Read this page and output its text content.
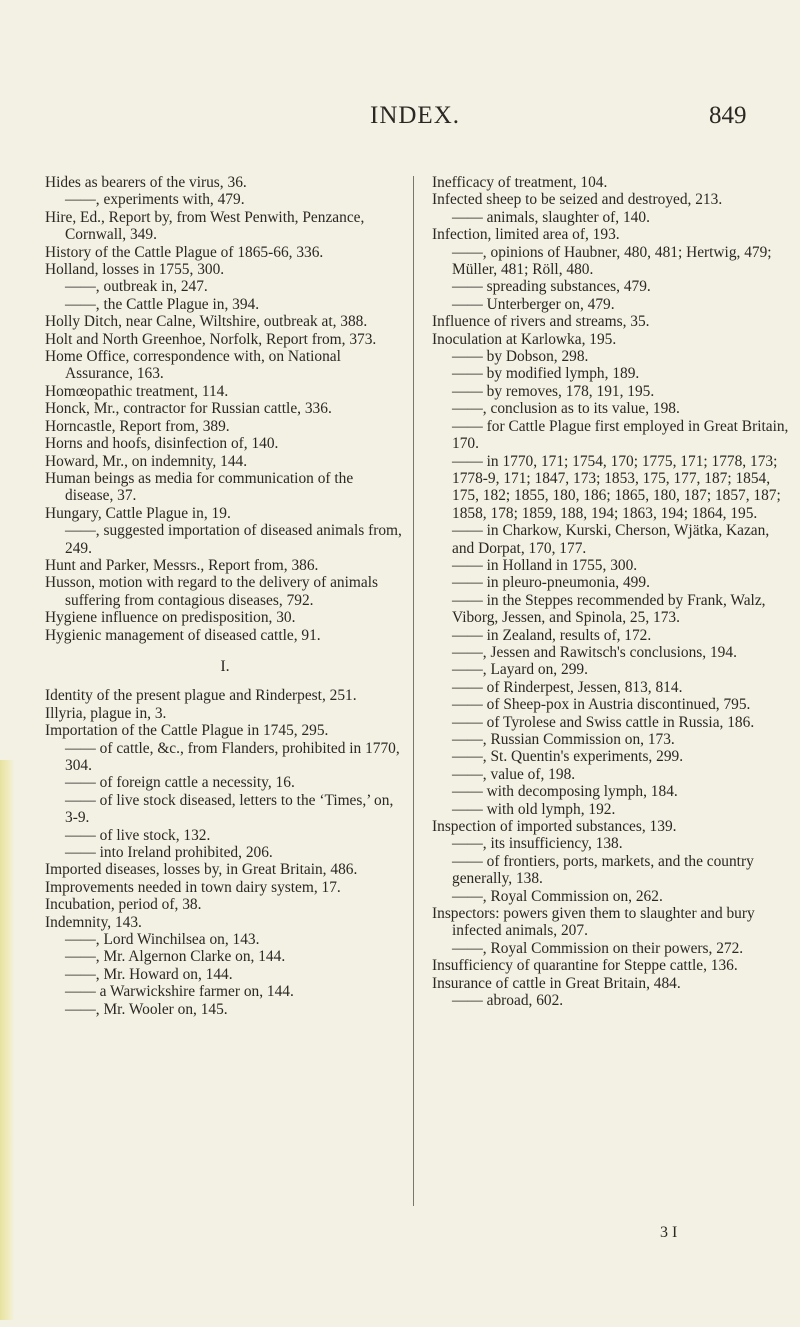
INDEX.	849

Hides as bearers of the virus, 36.

——, experiments with, 479.

Hire, Ed., Report by, from West Penwith, Penzance, Cornwall, 349.

History of the Cattle Plague of 1865-66, 336.

Holland, losses in 1755, 300.

——, outbreak in, 247.

——, the Cattle Plague in, 394.

Holly Ditch, near Calne, Wiltshire, outbreak at, 388.

Holt and North Greenhoe, Norfolk, Report from, 373.

Home Office, correspondence with, on National Assurance, 163.

Homœopathic treatment, 114.

Honck, Mr., contractor for Russian cattle, 336.

Horncastle, Report from, 389.

Horns and hoofs, disinfection of, 140.

Howard, Mr., on indemnity, 144.

Human beings as media for communication of the disease, 37.

Hungary, Cattle Plague in, 19.

——, suggested importation of diseased animals from, 249.

Hunt and Parker, Messrs., Report from, 386.

Husson, motion with regard to the delivery of animals suffering from contagious diseases, 792.

Hygiene influence on predisposition, 30.

Hygienic management of diseased cattle, 91.

I.

Identity of the present plague and Rinderpest, 251.

Illyria, plague in, 3.

Importation of the Cattle Plague in 1745, 295.

—— of cattle, &c., from Flanders, prohibited in 1770, 304.

—— of foreign cattle a necessity, 16.

—— of live stock diseased, letters to the ‘Times,’ on, 3-9.

—— of live stock, 132.

—— into Ireland prohibited, 206.

Imported diseases, losses by, in Great Britain, 486.

Improvements needed in town dairy system, 17.

Incubation, period of, 38.

Indemnity, 143.

——, Lord Winchilsea on, 143.

——, Mr. Algernon Clarke on, 144.

——, Mr. Howard on, 144.

—— a Warwickshire farmer on, 144.

——, Mr. Wooler on, 145.

Inefficacy of treatment, 104.

Infected sheep to be seized and destroyed, 213.

—— animals, slaughter of, 140.

Infection, limited area of, 193.

——, opinions of Haubner, 480, 481; Hertwig, 479; Müller, 481; Röll, 480.

—— spreading substances, 479.

—— Unterberger on, 479.

Influence of rivers and streams, 35.

Inoculation at Karlowka, 195.

—— by Dobson, 298.

—— by modified lymph, 189.

—— by removes, 178, 191, 195.

——, conclusion as to its value, 198.

—— for Cattle Plague first employed in Great Britain, 170.

—— in 1770, 171; 1754, 170; 1775, 171; 1778, 173; 1778-9, 171; 1847, 173; 1853, 175, 177, 187; 1854, 175, 182; 1855, 180, 186; 1865, 180, 187; 1857, 187; 1858, 178; 1859, 188, 194; 1863, 194; 1864, 195.

—— in Charkow, Kurski, Cherson, Wjätka, Kazan, and Dorpat, 170, 177.

—— in Holland in 1755, 300.

—— in pleuro-pneumonia, 499.

—— in the Steppes recommended by Frank, Walz, Viborg, Jessen, and Spinola, 25, 173.

—— in Zealand, results of, 172.

——, Jessen and Rawitsch's conclusions, 194.

——, Layard on, 299.

—— of Rinderpest, Jessen, 813, 814.

—— of Sheep-pox in Austria discontinued, 795.

—— of Tyrolese and Swiss cattle in Russia, 186.

——, Russian Commission on, 173.

——, St. Quentin's experiments, 299.

——, value of, 198.

—— with decomposing lymph, 184.

—— with old lymph, 192.

Inspection of imported substances, 139.

——, its insufficiency, 138.

—— of frontiers, ports, markets, and the country generally, 138.

——, Royal Commission on, 262.

Inspectors: powers given them to slaughter and bury infected animals, 207.

——, Royal Commission on their powers, 272.

Insufficiency of quarantine for Steppe cattle, 136.

Insurance of cattle in Great Britain, 484.

—— abroad, 602.

3 I
